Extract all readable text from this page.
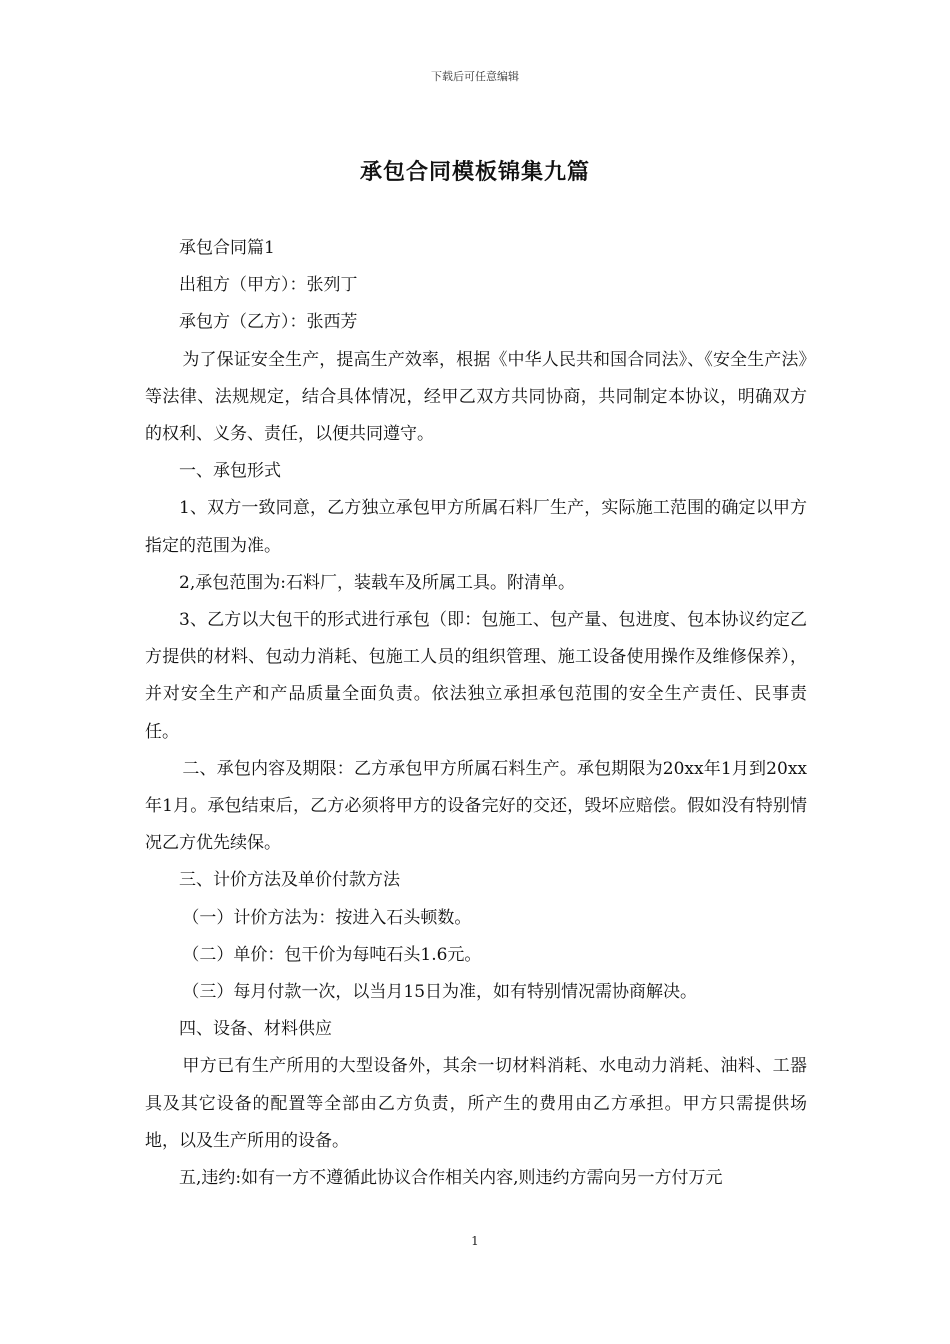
下载后可任意编辑
承包合同模板锦集九篇

承包合同篇1

出租方（甲方）：张列丁

承包方（乙方）：张西芳

为了保证安全生产，提高生产效率，根据《中华人民共和国合同法》、《安全生产法》等法律、法规规定，结合具体情况，经甲乙双方共同协商，共同制定本协议，明确双方的权利、义务、责任，以便共同遵守。

一、承包形式

1、双方一致同意，乙方独立承包甲方所属石料厂生产，实际施工范围的确定以甲方指定的范围为准。

2,承包范围为:石料厂，装载车及所属工具。附清单。

3、乙方以大包干的形式进行承包（即：包施工、包产量、包进度、包本协议约定乙方提供的材料、包动力消耗、包施工人员的组织管理、施工设备使用操作及维修保养），并对安全生产和产品质量全面负责。依法独立承担承包范围的安全生产责任、民事责任。

二、承包内容及期限：乙方承包甲方所属石料生产。承包期限为20xx年1月到20xx年1月。承包结束后，乙方必须将甲方的设备完好的交还，毁坏应赔偿。假如没有特别情况乙方优先续保。

三、计价方法及单价付款方法

（一）计价方法为：按进入石头顿数。

（二）单价：包干价为每吨石头1.6元。

（三）每月付款一次，以当月15日为准，如有特别情况需协商解决。

四、设备、材料供应

甲方已有生产所用的大型设备外，其余一切材料消耗、水电动力消耗、油料、工器具及其它设备的配置等全部由乙方负责，所产生的费用由乙方承担。甲方只需提供场地，以及生产所用的设备。

五,违约:如有一方不遵循此协议合作相关内容,则违约方需向另一方付万元

1
